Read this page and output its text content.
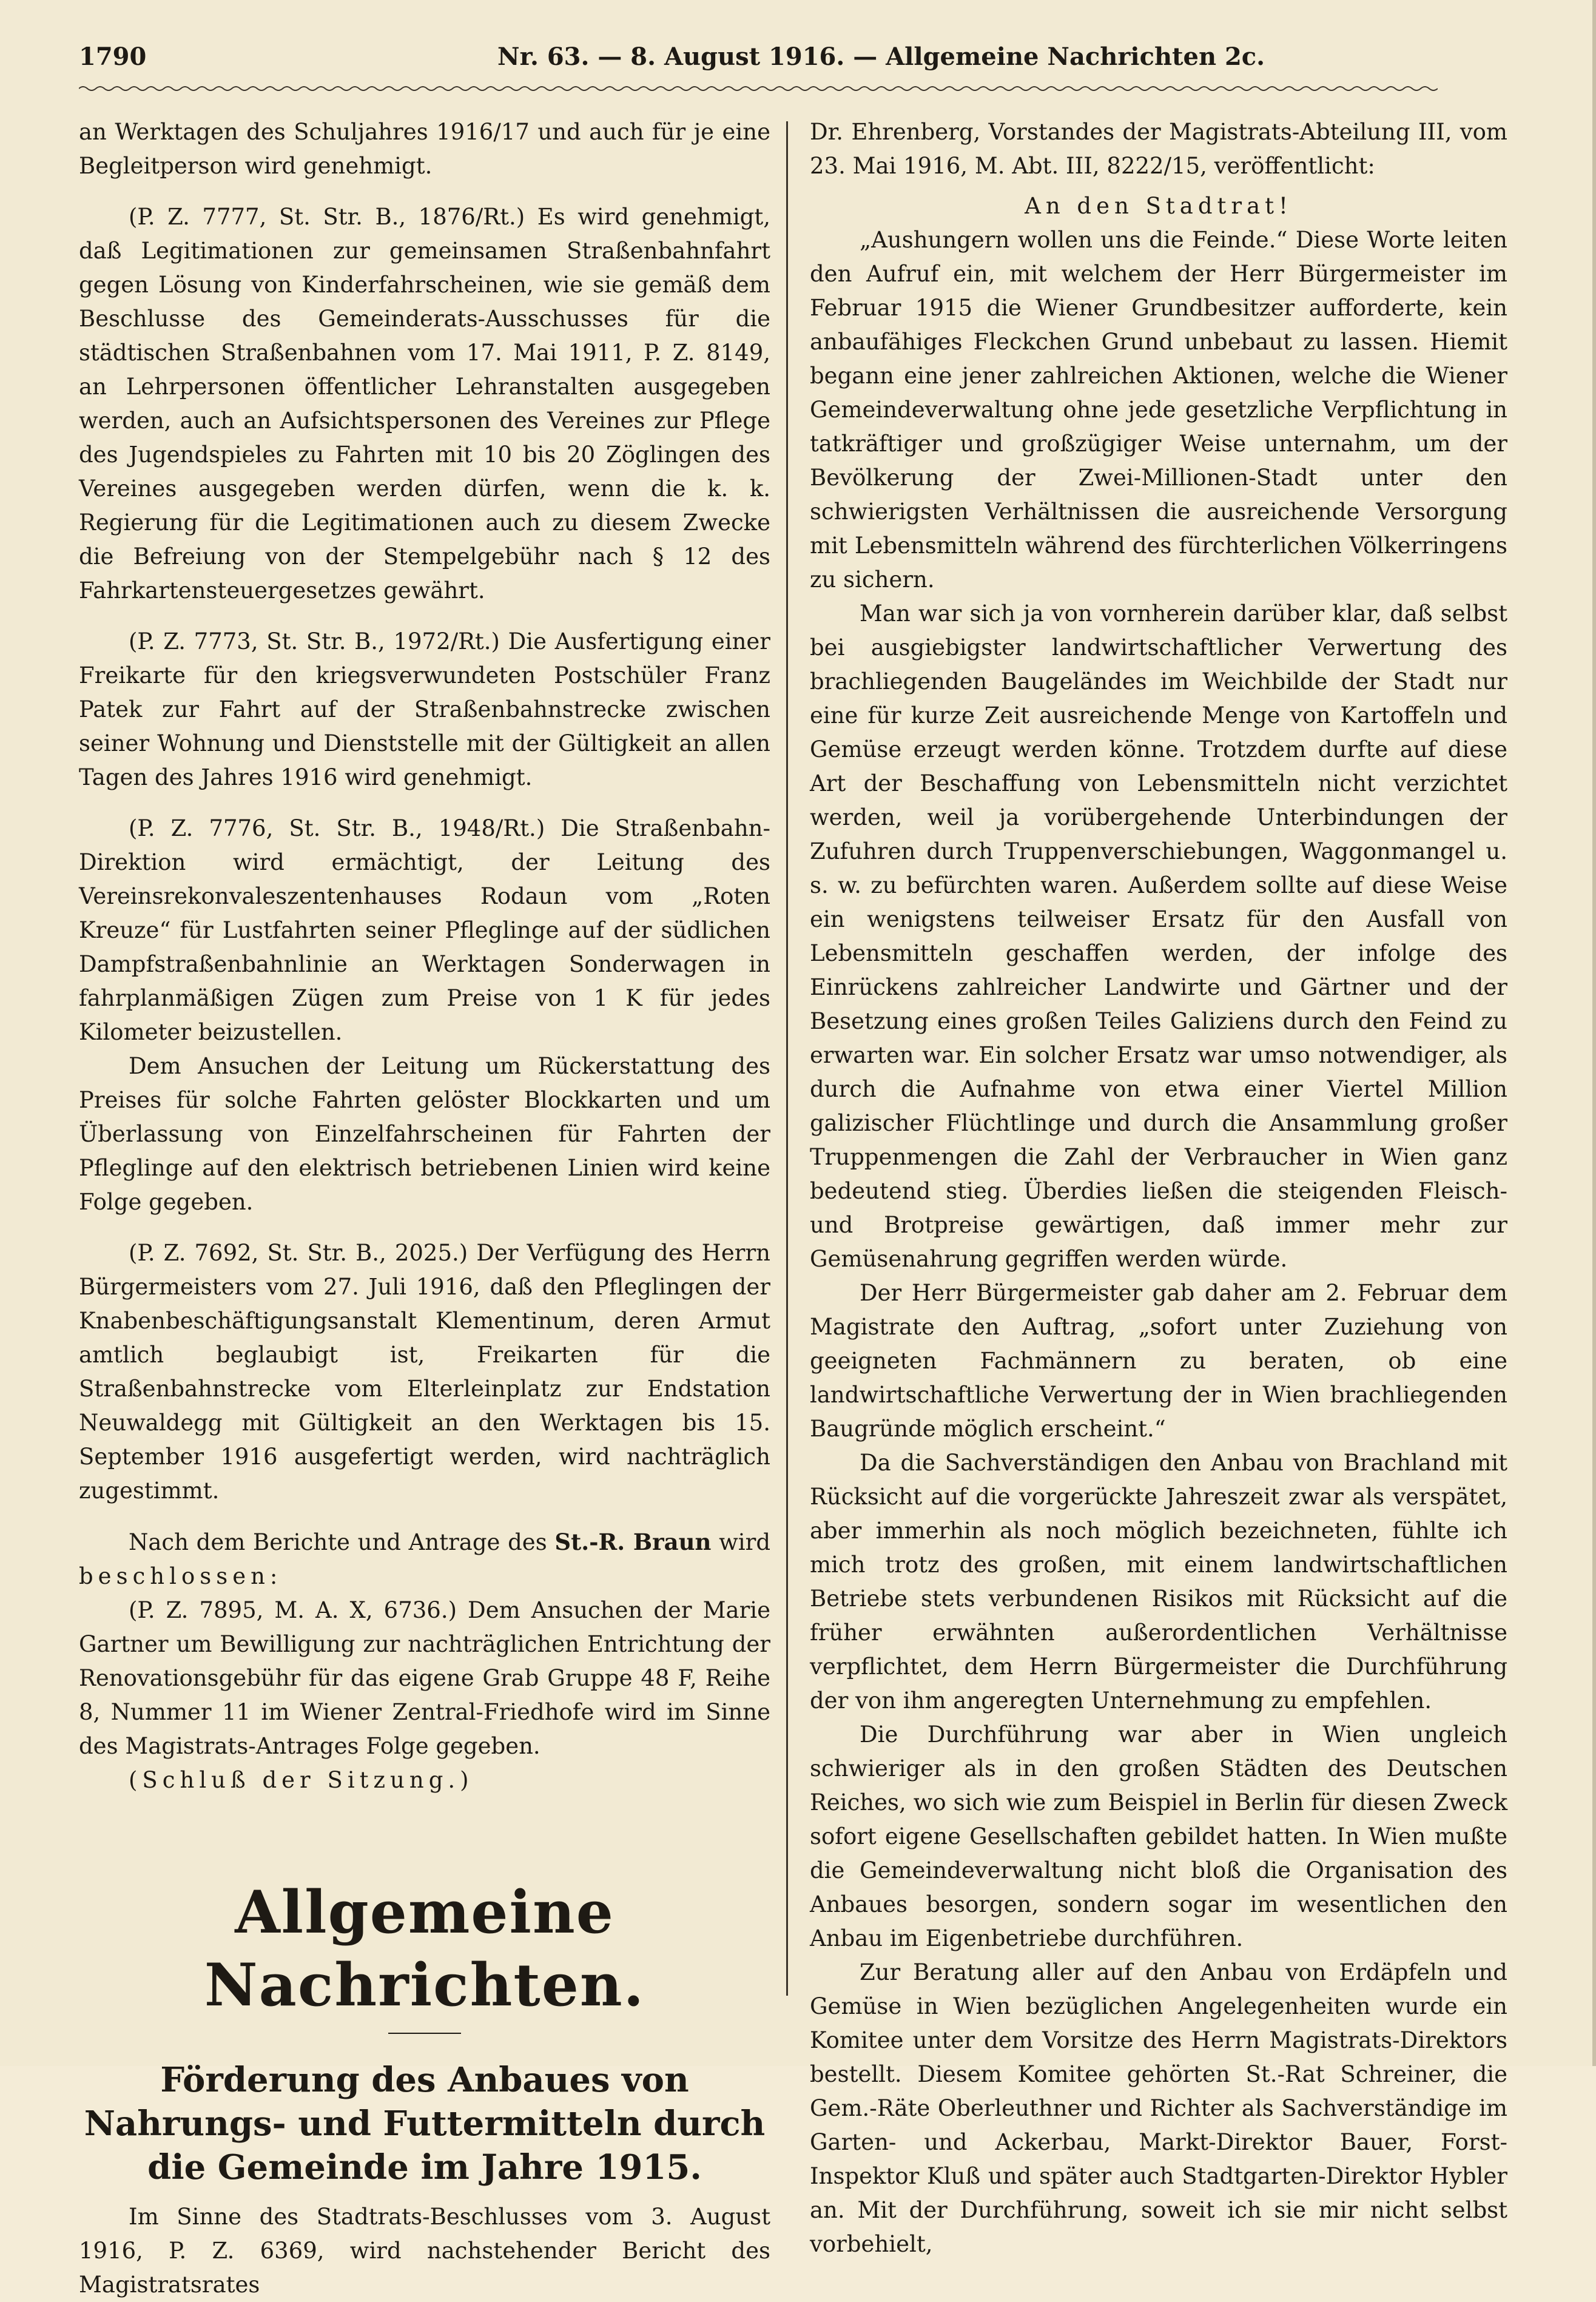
1790	Nr. 63. — 8. August 1916. — Allgemeine Nachrichten 2c.

an Werktagen des Schuljahres 1916/17 und auch für je eine Begleitperson wird genehmigt.

(P. Z. 7777, St. Str. B., 1876/Rt.) Es wird genehmigt, daß Legitimationen zur gemeinsamen Straßenbahnfahrt gegen Lösung von Kinderfahrscheinen, wie sie gemäß dem Beschlusse des Gemeinderats-Ausschusses für die städtischen Straßenbahnen vom 17. Mai 1911, P. Z. 8149, an Lehrpersonen öffentlicher Lehranstalten ausgegeben werden, auch an Aufsichtspersonen des Vereines zur Pflege des Jugendspieles zu Fahrten mit 10 bis 20 Zöglingen des Vereines ausgegeben werden dürfen, wenn die k. k. Regierung für die Legitimationen auch zu diesem Zwecke die Befreiung von der Stempelgebühr nach § 12 des Fahrkartensteuergesetzes gewährt.

(P. Z. 7773, St. Str. B., 1972/Rt.) Die Ausfertigung einer Freikarte für den kriegsverwundeten Postschüler Franz Patek zur Fahrt auf der Straßenbahnstrecke zwischen seiner Wohnung und Dienststelle mit der Gültigkeit an allen Tagen des Jahres 1916 wird genehmigt.

(P. Z. 7776, St. Str. B., 1948/Rt.) Die Straßenbahn-Direktion wird ermächtigt, der Leitung des Vereinsrekonvaleszentenhauses Rodaun vom „Roten Kreuze“ für Lustfahrten seiner Pfleglinge auf der südlichen Dampfstraßenbahnlinie an Werktagen Sonderwagen in fahrplanmäßigen Zügen zum Preise von 1 K für jedes Kilometer beizustellen.

Dem Ansuchen der Leitung um Rückerstattung des Preises für solche Fahrten gelöster Blockkarten und um Überlassung von Einzelfahrscheinen für Fahrten der Pfleglinge auf den elektrisch betriebenen Linien wird keine Folge gegeben.

(P. Z. 7692, St. Str. B., 2025.) Der Verfügung des Herrn Bürgermeisters vom 27. Juli 1916, daß den Pfleglingen der Knabenbeschäftigungsanstalt Klementinum, deren Armut amtlich beglaubigt ist, Freikarten für die Straßenbahnstrecke vom Elterleinplatz zur Endstation Neuwaldegg mit Gültigkeit an den Werktagen bis 15. September 1916 ausgefertigt werden, wird nachträglich zugestimmt.

Nach dem Berichte und Antrage des St.-R. Braun wird beschlossen:

(P. Z. 7895, M. A. X, 6736.) Dem Ansuchen der Marie Gartner um Bewilligung zur nachträglichen Entrichtung der Renovationsgebühr für das eigene Grab Gruppe 48 F, Reihe 8, Nummer 11 im Wiener Zentral-Friedhofe wird im Sinne des Magistrats-Antrages Folge gegeben.

(Schluß der Sitzung.)

Allgemeine Nachrichten.
Förderung des Anbaues von Nahrungs- und Futtermitteln durch die Gemeinde im Jahre 1915.

Im Sinne des Stadtrats-Beschlusses vom 3. August 1916, P. Z. 6369, wird nachstehender Bericht des Magistratsrates

Dr. Ehrenberg, Vorstandes der Magistrats-Abteilung III, vom 23. Mai 1916, M. Abt. III, 8222/15, veröffentlicht:

An den Stadtrat!

„Aushungern wollen uns die Feinde.“ Diese Worte leiten den Aufruf ein, mit welchem der Herr Bürgermeister im Februar 1915 die Wiener Grundbesitzer aufforderte, kein anbaufähiges Fleckchen Grund unbebaut zu lassen. Hiemit begann eine jener zahlreichen Aktionen, welche die Wiener Gemeindeverwaltung ohne jede gesetzliche Verpflichtung in tatkräftiger und großzügiger Weise unternahm, um der Bevölkerung der Zwei-Millionen-Stadt unter den schwierigsten Verhältnissen die ausreichende Versorgung mit Lebensmitteln während des fürchterlichen Völkerringens zu sichern.

Man war sich ja von vornherein darüber klar, daß selbst bei ausgiebigster landwirtschaftlicher Verwertung des brachliegenden Baugeländes im Weichbilde der Stadt nur eine für kurze Zeit ausreichende Menge von Kartoffeln und Gemüse erzeugt werden könne. Trotzdem durfte auf diese Art der Beschaffung von Lebensmitteln nicht verzichtet werden, weil ja vorübergehende Unterbindungen der Zufuhren durch Truppenverschiebungen, Waggonmangel u. s. w. zu befürchten waren. Außerdem sollte auf diese Weise ein wenigstens teilweiser Ersatz für den Ausfall von Lebensmitteln geschaffen werden, der infolge des Einrückens zahlreicher Landwirte und Gärtner und der Besetzung eines großen Teiles Galiziens durch den Feind zu erwarten war. Ein solcher Ersatz war umso notwendiger, als durch die Aufnahme von etwa einer Viertel Million galizischer Flüchtlinge und durch die Ansammlung großer Truppenmengen die Zahl der Verbraucher in Wien ganz bedeutend stieg. Überdies ließen die steigenden Fleisch- und Brotpreise gewärtigen, daß immer mehr zur Gemüsenahrung gegriffen werden würde.

Der Herr Bürgermeister gab daher am 2. Februar dem Magistrate den Auftrag, „sofort unter Zuziehung von geeigneten Fachmännern zu beraten, ob eine landwirtschaftliche Verwertung der in Wien brachliegenden Baugründe möglich erscheint.“

Da die Sachverständigen den Anbau von Brachland mit Rücksicht auf die vorgerückte Jahreszeit zwar als verspätet, aber immerhin als noch möglich bezeichneten, fühlte ich mich trotz des großen, mit einem landwirtschaftlichen Betriebe stets verbundenen Risikos mit Rücksicht auf die früher erwähnten außerordentlichen Verhältnisse verpflichtet, dem Herrn Bürgermeister die Durchführung der von ihm angeregten Unternehmung zu empfehlen.

Die Durchführung war aber in Wien ungleich schwieriger als in den großen Städten des Deutschen Reiches, wo sich wie zum Beispiel in Berlin für diesen Zweck sofort eigene Gesellschaften gebildet hatten. In Wien mußte die Gemeindeverwaltung nicht bloß die Organisation des Anbaues besorgen, sondern sogar im wesentlichen den Anbau im Eigenbetriebe durchführen.

Zur Beratung aller auf den Anbau von Erdäpfeln und Gemüse in Wien bezüglichen Angelegenheiten wurde ein Komitee unter dem Vorsitze des Herrn Magistrats-Direktors bestellt. Diesem Komitee gehörten St.-Rat Schreiner, die Gem.-Räte Oberleuthner und Richter als Sachverständige im Garten- und Ackerbau, Markt-Direktor Bauer, Forst-Inspektor Kluß und später auch Stadtgarten-Direktor Hybler an. Mit der Durchführung, soweit ich sie mir nicht selbst vorbehielt,
